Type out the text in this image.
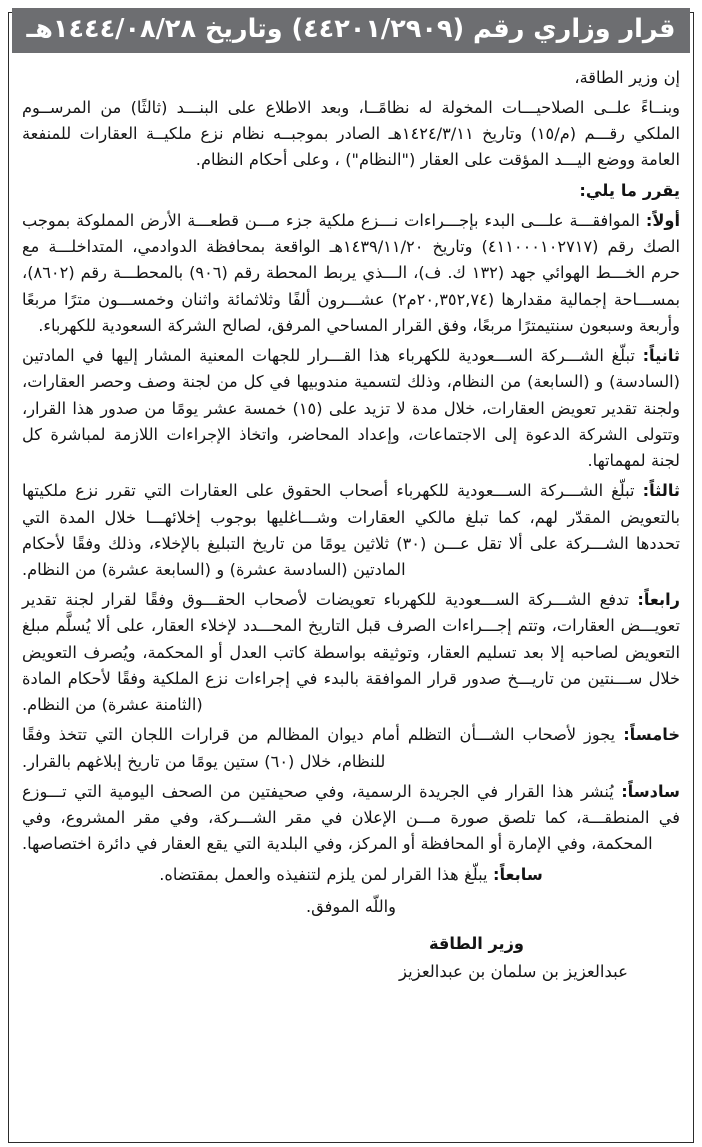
قرار وزاري رقم (٤٤٢٠١/٢٩٠٩) وتاريخ ١٤٤٤/٠٨/٢٨هـ

إن وزير الطاقة،

وبنــاءً علــى الصلاحيـــات المخولة له نظامًــا، وبعد الاطلاع على البنـــد (ثالثًا) من المرســوم الملكي رقـــم (م/١٥) وتاريخ ١٤٢٤/٣/١١هـ الصادر بموجبــه نظام نزع ملكيــة العقارات للمنفعة العامة ووضع اليـــد المؤقت على العقار ("النظام") ، وعلى أحكام النظام.

يقرر ما يلي:

أولاً: الموافقـــة علـــى البدء بإجـــراءات نـــزع ملكية جزء مـــن قطعـــة الأرض المملوكة بموجب الصك رقم (٤١١٠٠٠١٠٢٧١٧) وتاريخ ١٤٣٩/١١/٢٠هـ الواقعة بمحافظة الدوادمي، المتداخلـــة مع حرم الخـــط الهوائي جهد (١٣٢ ك. ف)، الـــذي يربط المحطة رقم (٩٠٦) بالمحطـــة رقم (٨٦٠٢)، بمســـاحة إجمالية مقدارها (٢٠,٣٥٢,٧٤م٢) عشـــرون ألفًا وثلاثمائة واثنان وخمســـون مترًا مربعًا وأربعة وسبعون سنتيمترًا مربعًا، وفق القرار المساحي المرفق، لصالح الشركة السعودية للكهرباء.

ثانياً: تبلّغ الشـــركة الســـعودية للكهرباء هذا القـــرار للجهات المعنية المشار إليها في المادتين (السادسة) و (السابعة) من النظام، وذلك لتسمية مندوبيها في كل من لجنة وصف وحصر العقارات، ولجنة تقدير تعويض العقارات، خلال مدة لا تزيد على (١٥) خمسة عشر يومًا من صدور هذا القرار، وتتولى الشركة الدعوة إلى الاجتماعات، وإعداد المحاضر، واتخاذ الإجراءات اللازمة لمباشرة كل لجنة لمهماتها.

ثالثاً: تبلّغ الشـــركة الســـعودية للكهرباء أصحاب الحقوق على العقارات التي تقرر نزع ملكيتها بالتعويض المقدّر لهم، كما تبلغ مالكي العقارات وشـــاغليها بوجوب إخلائهـــا خلال المدة التي تحددها الشـــركة على ألا تقل عـــن (٣٠) ثلاثين يومًا من تاريخ التبليغ بالإخلاء، وذلك وفقًا لأحكام المادتين (السادسة عشرة) و (السابعة عشرة) من النظام.

رابعاً: تدفع الشـــركة الســـعودية للكهرباء تعويضات لأصحاب الحقـــوق وفقًا لقرار لجنة تقدير تعويـــض العقارات، وتتم إجـــراءات الصرف قبل التاريخ المحـــدد لإخلاء العقار، على ألا يُسلَّم مبلغ التعويض لصاحبه إلا بعد تسليم العقار، وتوثيقه بواسطة كاتب العدل أو المحكمة، ويُصرف التعويض خلال ســـنتين من تاريـــخ صدور قرار الموافقة بالبدء في إجراءات نزع الملكية وفقًا لأحكام المادة (الثامنة عشرة) من النظام.

خامساً: يجوز لأصحاب الشـــأن التظلم أمام ديوان المظالم من قرارات اللجان التي تتخذ وفقًا للنظام، خلال (٦٠) ستين يومًا من تاريخ إبلاغهم بالقرار.

سادساً: يُنشر هذا القرار في الجريدة الرسمية، وفي صحيفتين من الصحف اليومية التي تـــوزع في المنطقـــة، كما تلصق صورة مـــن الإعلان في مقر الشـــركة، وفي مقر المشروع، وفي المحكمة، وفي الإمارة أو المحافظة أو المركز، وفي البلدية التي يقع العقار في دائرة اختصاصها.

سابعاً: يبلّغ هذا القرار لمن يلزم لتنفيذه والعمل بمقتضاه.

واللّه الموفق.

وزير الطاقة
عبدالعزيز بن سلمان بن عبدالعزيز
